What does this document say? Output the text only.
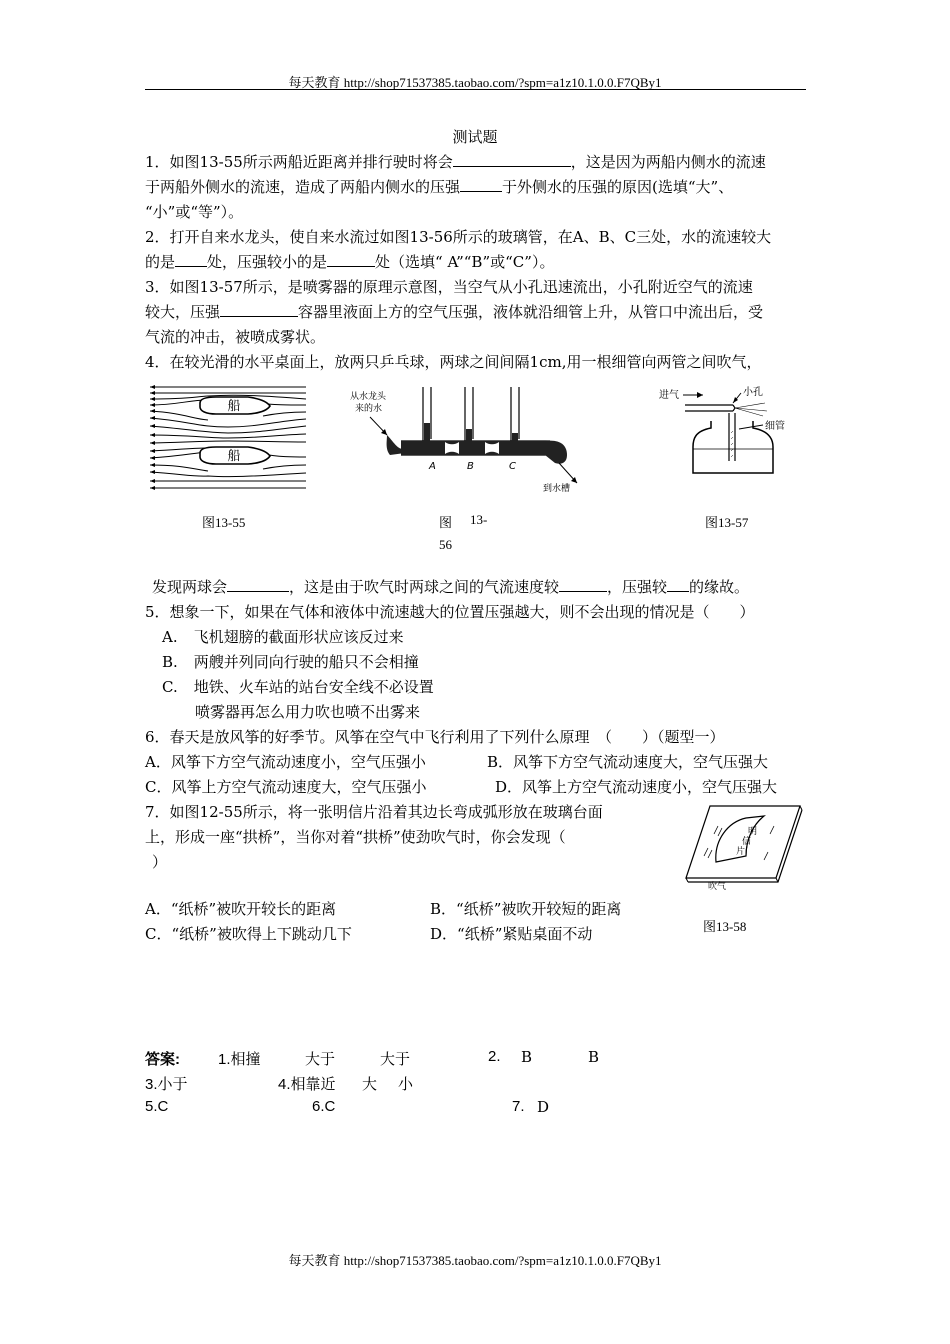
每天教育 http://shop71537385.taobao.com/?spm=a1z10.1.0.0.F7QBy1
测试题
1．如图13-55所示两船近距离并排行驶时将会	，这是因为两船内侧水的流速
于两船外侧水的流速，造成了两船内侧水的压强	于外侧水的压强的原因(选填“大”、
“小”或“等”）。
2．打开自来水龙头，使自来水流过如图13-56所示的玻璃管，在A、B、C三处，水的流速较大
的是 处，压强较小的是	处（选填“ A”“B”或“C”）。
3．如图13-57所示，是喷雾器的原理示意图，当空气从小孔迅速流出，小孔附近空气的流速
较大，压强	容器里液面上方的空气压强，液体就沿细管上升，从管口中流出后，受
气流的冲击，被喷成雾状。
4．在较光滑的水平桌面上，放两只乒乓球，两球之间间隔1cm,用一根细管向两管之间吹气，
船
船
从水龙头
来的水
A	B	C
到水槽
进气	小孔
细管
图13-55	图 13-
56
图13-57
发现两球会	，这是由于吹气时两球之间的气流速度较	，压强较 的缘故。
5．想象一下，如果在气体和液体中流速越大的位置压强越大，则不会出现的情况是（　　）
A. 飞机翅膀的截面形状应该反过来
B. 两艘并列同向行驶的船只不会相撞
C. 地铁、火车站的站台安全线不必设置
喷雾器再怎么用力吹也喷不出雾来
6．春天是放风筝的好季节。风筝在空气中飞行利用了下列什么原理　（　　）（题型一）
A．风筝下方空气流动速度小，空气压强小	B．风筝下方空气流动速度大，空气压强大
C．风筝上方空气流动速度大，空气压强小	D．风筝上方空气流动速度小，空气压强大
7．如图12-55所示，将一张明信片沿着其边长弯成弧形放在玻璃台面
上，形成一座“拱桥”，当你对着“拱桥”使劲吹气时，你会发现（
）
明
信
片
吹气
图13-58
A．“纸桥”被吹开较长的距离	B．“纸桥”被吹开较短的距离
C．“纸桥”被吹得上下跳动几下	D．“纸桥”紧贴桌面不动
答案:	1.相撞	大于	大于	2. B	B
3.小于	4.相靠近 大 小
5.C	6.C	7. D
每天教育 http://shop71537385.taobao.com/?spm=a1z10.1.0.0.F7QBy1
